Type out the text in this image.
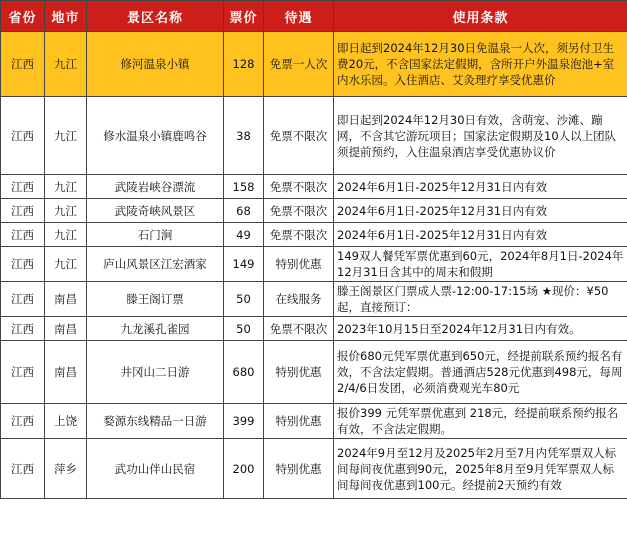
省份	地市	景区名称	票价	待遇	使用条款
江西	九江	修河温泉小镇	128	免票一人次	即日起到2024年12月30日免温泉一人次，须另付卫生费20元，不含国家法定假期，含所开户外温泉泡池+室内水乐园。入住酒店、艾灸理疗享受优惠价
江西	九江	修水温泉小镇鹿鸣谷	38	免票不限次	即日起到2024年12月30日有效，含萌宠、沙滩、蹦网，不含其它游玩项目；国家法定假期及10人以上团队须提前预约，入住温泉酒店享受优惠协议价
江西	九江	武陵岩峡谷漂流	158	免票不限次	2024年6月1日-2025年12月31日内有效
江西	九江	武陵奇峡风景区	68	免票不限次	2024年6月1日-2025年12月31日内有效
江西	九江	石门涧	49	免票不限次	2024年6月1日-2025年12月31日内有效
江西	九江	庐山风景区江宏酒家	149	特别优惠	149双人餐凭军票优惠到60元，2024年8月1日-2024年12月31日含其中的周末和假期
江西	南昌	滕王阁订票	50	在线服务	滕王阁景区门票成人票-12:00-17:15场 ★现价：¥50起，直接预订：
江西	南昌	九龙溪孔雀园	50	免票不限次	2023年10月15日至2024年12月31日内有效。
江西	南昌	井冈山二日游	680	特别优惠	报价680元凭军票优惠到650元，经提前联系预约报名有效，不含法定假期。普通酒店528元优惠到498元，每周2/4/6日发团，必须消费观光车80元
江西	上饶	婺源东线精品一日游	399	特别优惠	报价399 元凭军票优惠到 218元，经提前联系预约报名有效，不含法定假期。
江西	萍乡	武功山伴山民宿	200	特别优惠	2024年9月至12月及2025年2月至7月内凭军票双人标间每间夜优惠到90元，2025年8月至9月凭军票双人标间每间夜优惠到100元。经提前2天预约有效
